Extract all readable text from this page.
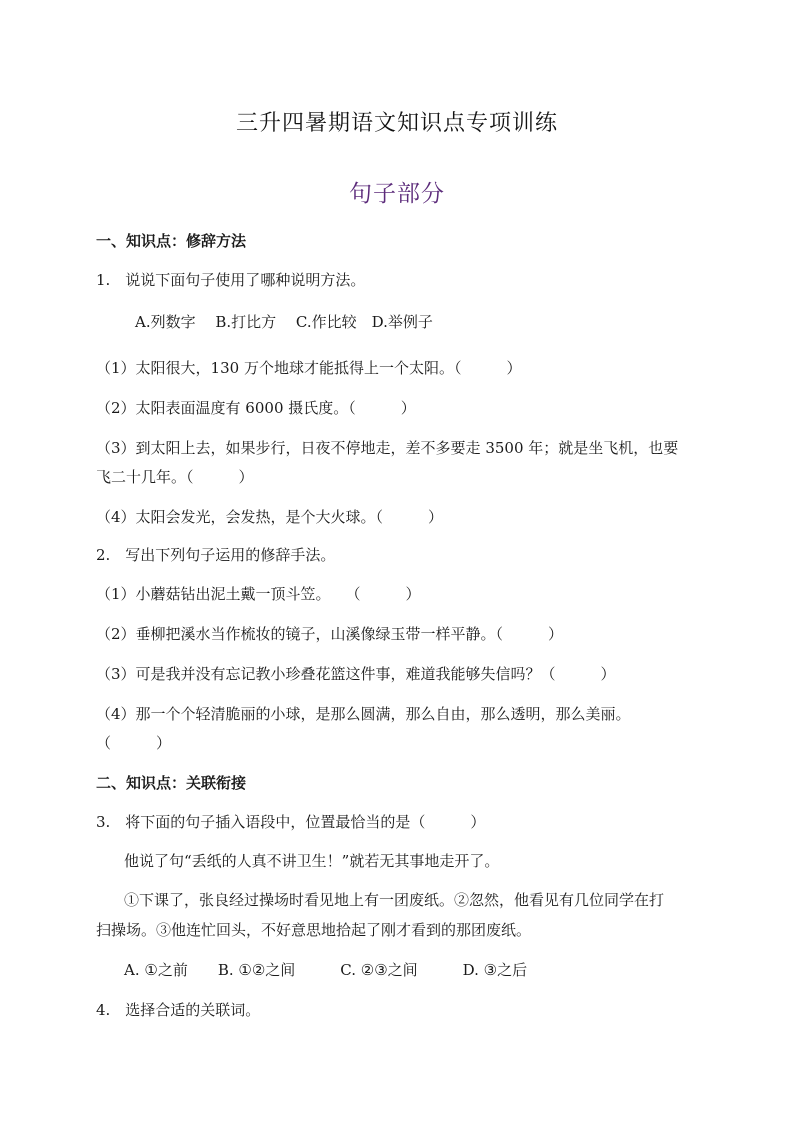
三升四暑期语文知识点专项训练
句子部分
一、知识点：修辞方法
1.　说说下面句子使用了哪种说明方法。
A.列数字　 B.打比方　 C.作比较　D.举例子
（1）太阳很大，130 万个地球才能抵得上一个太阳。（　　　）
（2）太阳表面温度有 6000 摄氏度。（　　　）
（3）到太阳上去，如果步行，日夜不停地走，差不多要走 3500 年；就是坐飞机，也要
飞二十几年。（　　　）
（4）太阳会发光，会发热，是个大火球。（　　　）
2.　写出下列句子运用的修辞手法。
（1）小蘑菇钻出泥土戴一顶斗笠。　　（　　　）
（2）垂柳把溪水当作梳妆的镜子，山溪像绿玉带一样平静。（　　　）
（3）可是我并没有忘记教小珍叠花篮这件事，难道我能够失信吗？（　　　）
（4）那一个个轻清脆丽的小球，是那么圆满，那么自由，那么透明，那么美丽。
（　　　）
二、知识点：关联衔接
3.　将下面的句子插入语段中，位置最恰当的是（　　　）
他说了句“丢纸的人真不讲卫生！”就若无其事地走开了。
①下课了，张良经过操场时看见地上有一团废纸。②忽然，他看见有几位同学在打
扫操场。③他连忙回头，不好意思地拾起了刚才看到的那团废纸。
A. ①之前　　B. ①②之间　　　C. ②③之间　　　D. ③之后
4.　选择合适的关联词。
